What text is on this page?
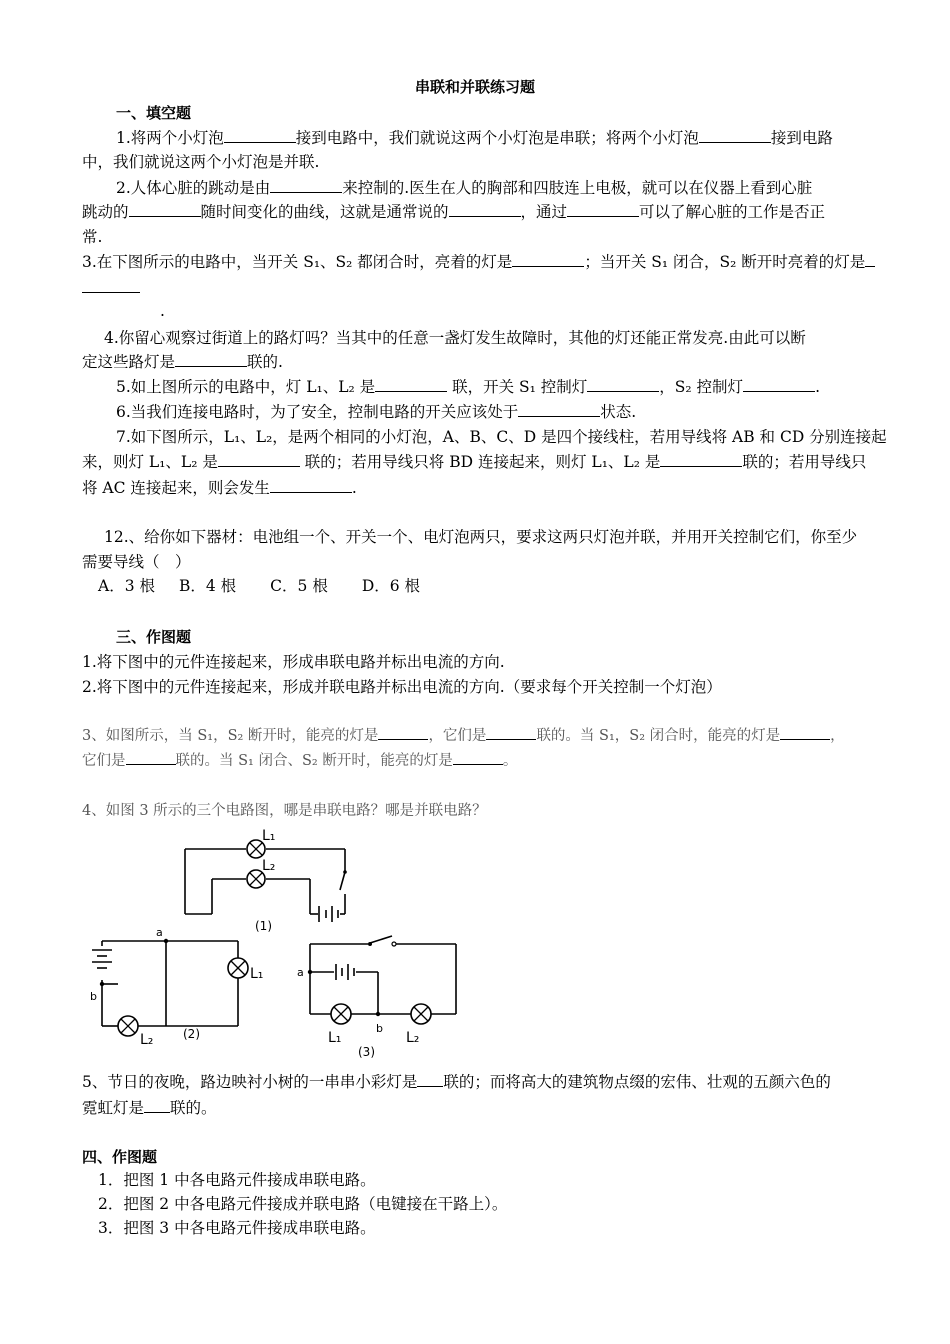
串联和并联练习题
一、填空题
1.将两个小灯泡	接到电路中，我们就说这两个小灯泡是串联；将两个小灯泡	接到电路
中，我们就说这两个小灯泡是并联.
2.人体心脏的跳动是由	来控制的.医生在人的胸部和四肢连上电极，就可以在仪器上看到心脏
跳动的	随时间变化的曲线，这就是通常说的	，通过	可以了解心脏的工作是否正
常.
3.在下图所示的电路中，当开关 S₁、S₂ 都闭合时，亮着的灯是	；当开关 S₁ 闭合，S₂ 断开时亮着的灯是
.
4.你留心观察过街道上的路灯吗？当其中的任意一盏灯发生故障时，其他的灯还能正常发亮.由此可以断
定这些路灯是	联的.
5.如上图所示的电路中，灯 L₁、L₂ 是	联，开关 S₁ 控制灯	，S₂ 控制灯	.
6.当我们连接电路时，为了安全，控制电路的开关应该处于	状态.
7.如下图所示，L₁、L₂，是两个相同的小灯泡，A、B、C、D 是四个接线柱，若用导线将 AB 和 CD 分别连接起
来，则灯 L₁、L₂ 是	联的；若用导线只将 BD 连接起来，则灯 L₁、L₂ 是	联的；若用导线只
将 AC 连接起来，则会发生	.
12.、给你如下器材：电池组一个、开关一个、电灯泡两只，要求这两只灯泡并联，并用开关控制它们，你至少
需要导线（　）
A．3 根 B．4 根 C．5 根 D．6 根
三、作图题
1.将下图中的元件连接起来，形成串联电路并标出电流的方向.
2.将下图中的元件连接起来，形成并联电路并标出电流的方向.（要求每个开关控制一个灯泡）
3、如图所示，当 S₁，S₂ 断开时，能亮的灯是	，它们是	联的。当 S₁，S₂ 闭合时，能亮的灯是	，
它们是	联的。当 S₁ 闭合、S₂ 断开时，能亮的灯是	。
4、如图 3 所示的三个电路图，哪是串联电路？哪是并联电路？
L₁
L₂
(1)
a
b
L₁
L₂ (2)
a
b
L₁	L₂
(3)
5、节日的夜晚，路边映衬小树的一串串小彩灯是 联的；而将高大的建筑物点缀的宏伟、壮观的五颜六色的
霓虹灯是 联的。
四、作图题
1．把图 1 中各电路元件接成串联电路。
2．把图 2 中各电路元件接成并联电路（电键接在干路上）。
3．把图 3 中各电路元件接成串联电路。
